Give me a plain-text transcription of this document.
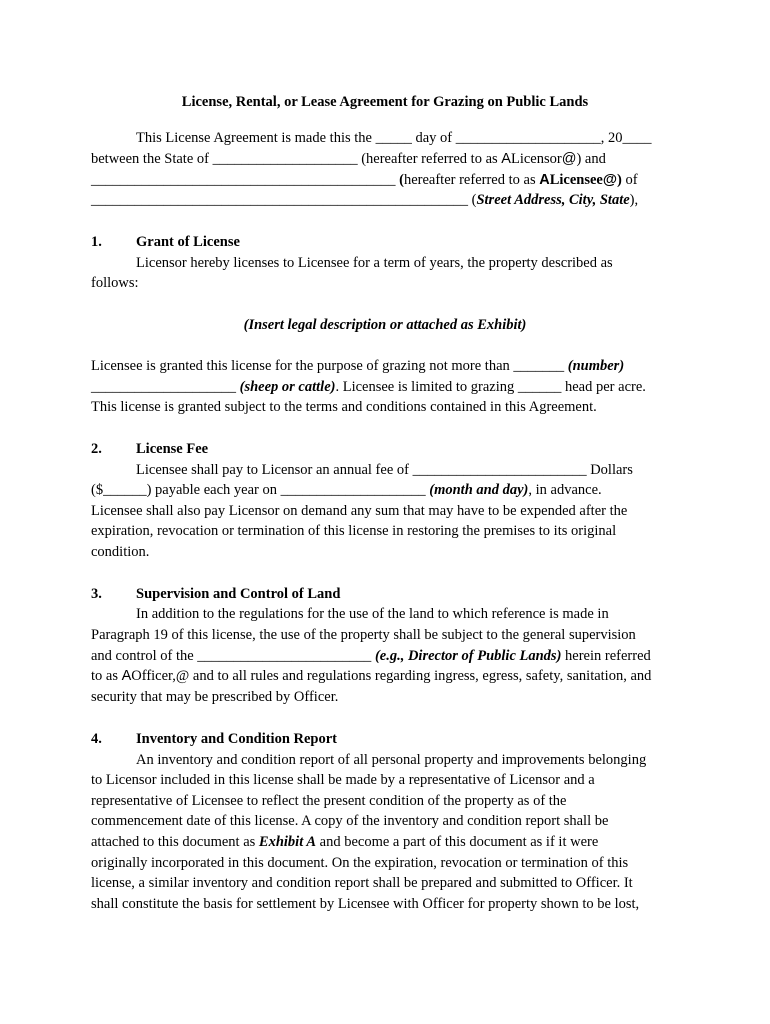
License, Rental, or Lease Agreement for Grazing on Public Lands
This License Agreement is made this the _____ day of ____________________, 20____
between the State of ____________________ (hereafter referred to as ALicensor@) and
__________________________________________ (hereafter referred to as ALicensee@) of
____________________________________________________ (Street Address, City, State),
1. Grant of License
Licensor hereby licenses to Licensee for a term of years, the property described as
follows:
(Insert legal description or attached as Exhibit)
Licensee is granted this license for the purpose of grazing not more than _______ (number)
____________________ (sheep or cattle). Licensee is limited to grazing ______ head per acre.
This license is granted subject to the terms and conditions contained in this Agreement.
2. License Fee
Licensee shall pay to Licensor an annual fee of ________________________ Dollars
($______) payable each year on ____________________ (month and day), in advance.
Licensee shall also pay Licensor on demand any sum that may have to be expended after the
expiration, revocation or termination of this license in restoring the premises to its original
condition.
3. Supervision and Control of Land
In addition to the regulations for the use of the land to which reference is made in
Paragraph 19 of this license, the use of the property shall be subject to the general supervision
and control of the ________________________ (e.g., Director of Public Lands) herein referred
to as AOfficer,@ and to all rules and regulations regarding ingress, egress, safety, sanitation, and
security that may be prescribed by Officer.
4. Inventory and Condition Report
An inventory and condition report of all personal property and improvements belonging
to Licensor included in this license shall be made by a representative of Licensor and a
representative of Licensee to reflect the present condition of the property as of the
commencement date of this license. A copy of the inventory and condition report shall be
attached to this document as Exhibit A and become a part of this document as if it were
originally incorporated in this document. On the expiration, revocation or termination of this
license, a similar inventory and condition report shall be prepared and submitted to Officer. It
shall constitute the basis for settlement by Licensee with Officer for property shown to be lost,
